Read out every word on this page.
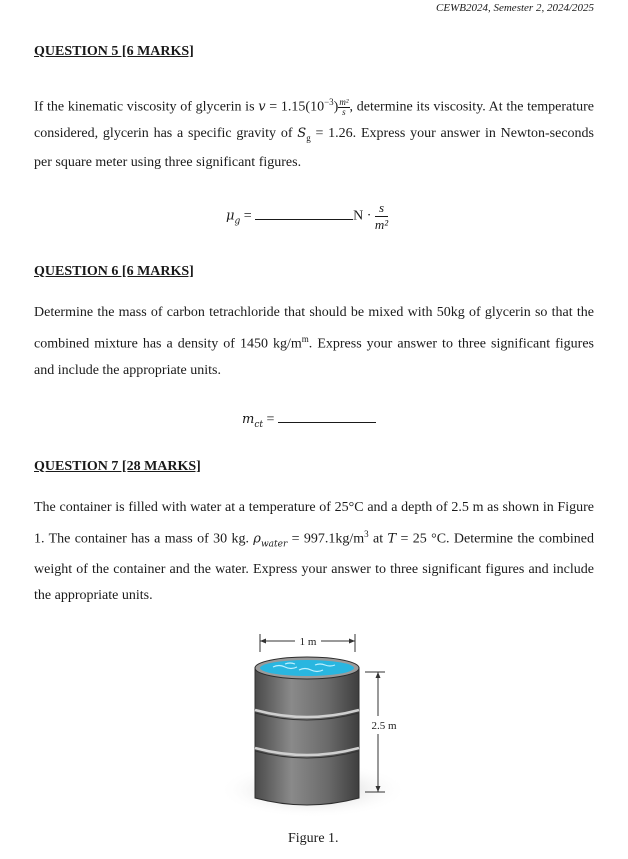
CEWB2024, Semester 2, 2024/2025
QUESTION 5 [6 MARKS]
If the kinematic viscosity of glycerin is $v = 1.15(10^{-3}) \frac{\text{m²}}{s}$ , determine its viscosity. At the temperature considered, glycerin has a specific gravity of $S_g = 1.26$. Express your answer in Newton-seconds per square meter using three significant figures.
$\mu_g$ =	$N \cdot \frac{s}{\text{m²}}$
QUESTION 6 [6 MARKS]
Determine the mass of carbon tetrachloride that should be mixed with 50kg of glycerin so that the combined mixture has a density of 1450 $kg/m^m$. Express your answer to three significant figures and include the appropriate units.
$m_{ct}$ =
QUESTION 7 [28 MARKS]
The container is filled with water at a temperature of 25°C and a depth of 2.5 m as shown in Figure 1. The container has a mass of 30 kg. $\rho_{water} = 997.1kg/m^3$ at T = 25 °C. Determine the combined weight of the container and the water. Express your answer to three significant figures and include the appropriate units.
1 m
2.5 m
Figure 1.
